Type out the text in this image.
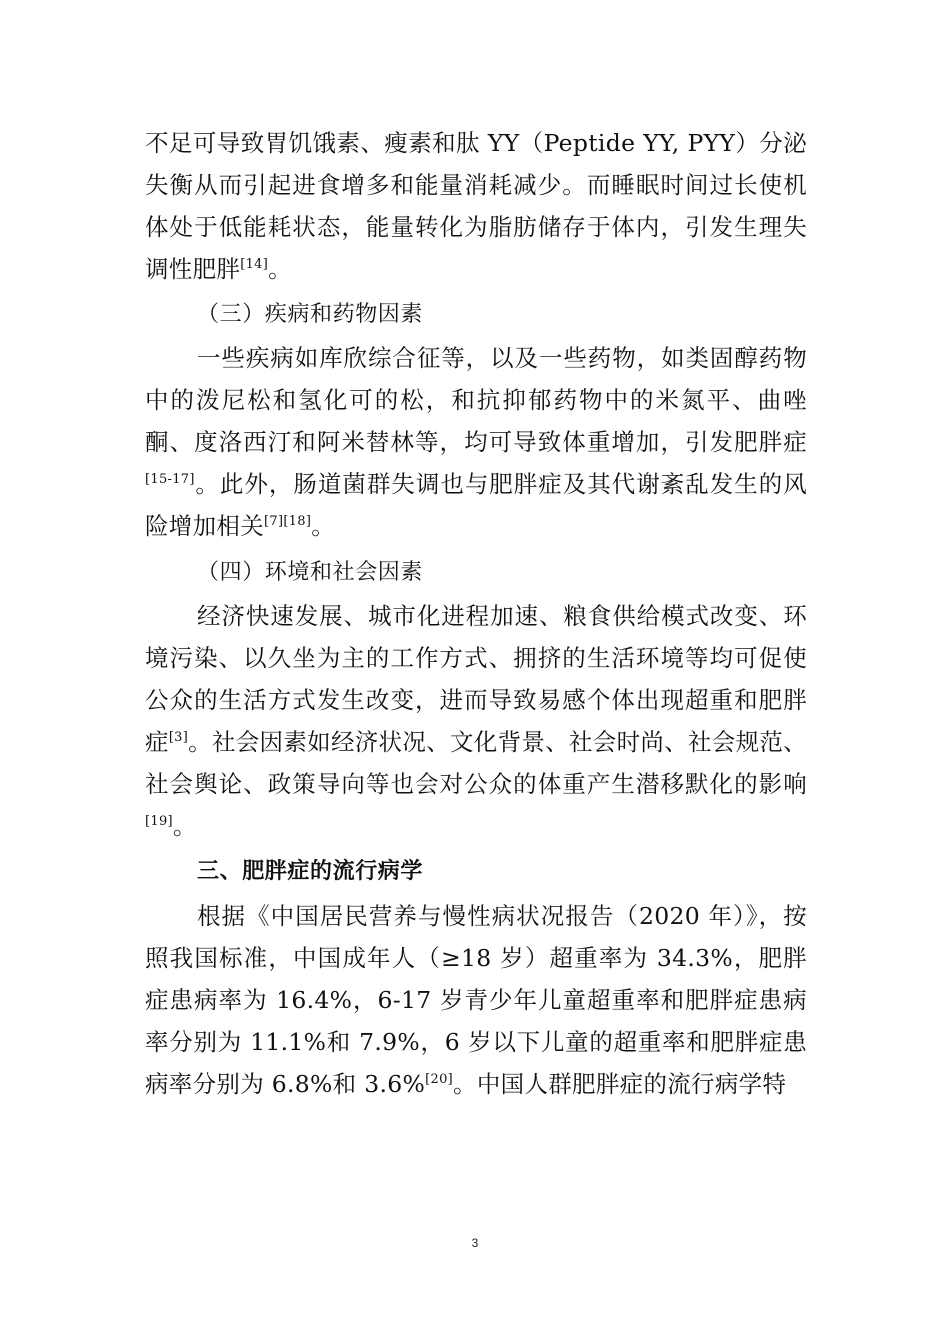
不足可导致胃饥饿素、瘦素和肽 YY（Peptide YY, PYY）分泌失衡从而引起进食增多和能量消耗减少。而睡眠时间过长使机体处于低能耗状态，能量转化为脂肪储存于体内，引发生理失调性肥胖[14]。
（三）疾病和药物因素
一些疾病如库欣综合征等，以及一些药物，如类固醇药物中的泼尼松和氢化可的松，和抗抑郁药物中的米氮平、曲唑酮、度洛西汀和阿米替林等，均可导致体重增加，引发肥胖症[15-17]。此外，肠道菌群失调也与肥胖症及其代谢紊乱发生的风险增加相关[7][18]。
（四）环境和社会因素
经济快速发展、城市化进程加速、粮食供给模式改变、环境污染、以久坐为主的工作方式、拥挤的生活环境等均可促使公众的生活方式发生改变，进而导致易感个体出现超重和肥胖症[3]。社会因素如经济状况、文化背景、社会时尚、社会规范、社会舆论、政策导向等也会对公众的体重产生潜移默化的影响[19]。
三、肥胖症的流行病学
根据《中国居民营养与慢性病状况报告（2020 年）》，按照我国标准，中国成年人（≥18 岁）超重率为 34.3%，肥胖症患病率为 16.4%，6-17 岁青少年儿童超重率和肥胖症患病率分别为 11.1%和 7.9%，6 岁以下儿童的超重率和肥胖症患病率分别为 6.8%和 3.6%[20]。中国人群肥胖症的流行病学特
3
